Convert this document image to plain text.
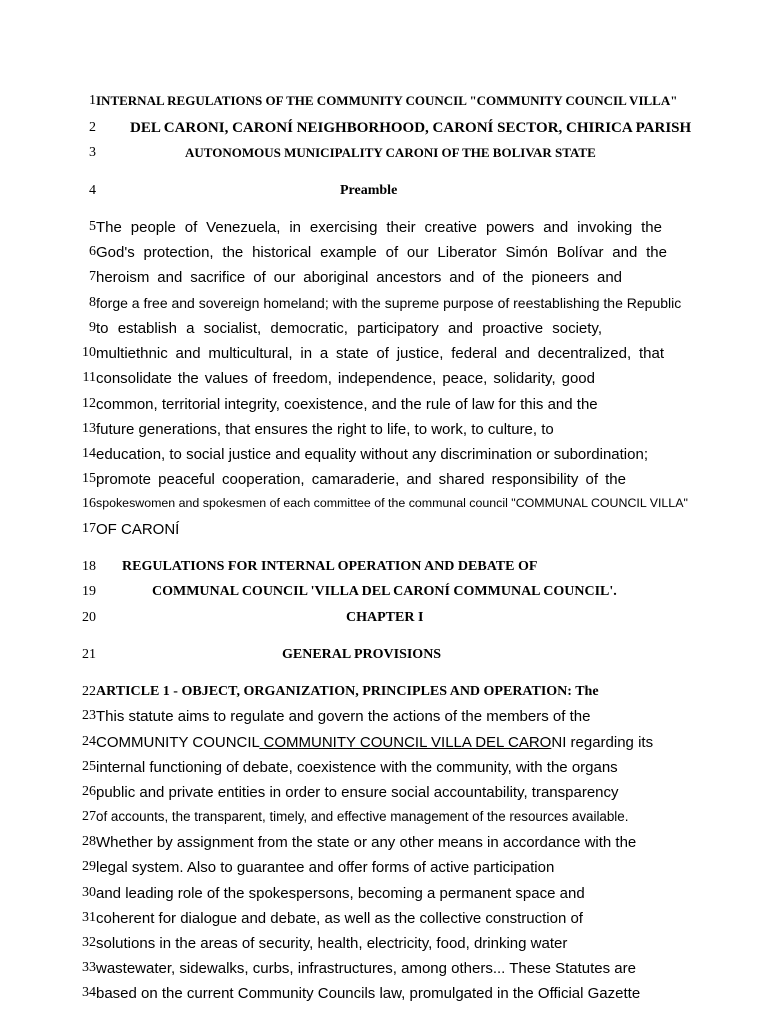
1 INTERNAL REGULATIONS OF THE COMMUNITY COUNCIL "COMMUNITY COUNCIL VILLA"
2 DEL CARONI, CARONÍ NEIGHBORHOOD, CARONÍ SECTOR, CHIRICA PARISH
3	AUTONOMOUS MUNICIPALITY CARONI OF THE BOLIVAR STATE
4	Preamble
5 The people of Venezuela, in exercising their creative powers and invoking the
6 God's protection, the historical example of our Liberator Simón Bolívar and the
7 heroism and sacrifice of our aboriginal ancestors and of the pioneers and
8 forge a free and sovereign homeland; with the supreme purpose of reestablishing the Republic
9 to establish a socialist, democratic, participatory and proactive society,
10 multiethnic and multicultural, in a state of justice, federal and decentralized, that
11 consolidate the values of freedom, independence, peace, solidarity, good
12 common, territorial integrity, coexistence, and the rule of law for this and the
13 future generations, that ensures the right to life, to work, to culture, to
14 education, to social justice and equality without any discrimination or subordination;
15 promote peaceful cooperation, camaraderie, and shared responsibility of the
16 spokeswomen and spokesmen of each committee of the communal council "COMMUNAL COUNCIL VILLA"
17 OF CARONÍ
18 REGULATIONS FOR INTERNAL OPERATION AND DEBATE OF
19	COMMUNAL COUNCIL 'VILLA DEL CARONÍ COMMUNAL COUNCIL'.
20	CHAPTER I
21	GENERAL PROVISIONS
22 ARTICLE 1 - OBJECT, ORGANIZATION, PRINCIPLES AND OPERATION: The
23 This statute aims to regulate and govern the actions of the members of the
24 COMMUNITY COUNCIL COMMUNITY COUNCIL VILLA DEL CARONI regarding its
25 internal functioning of debate, coexistence with the community, with the organs
26 public and private entities in order to ensure social accountability, transparency
27 of accounts, the transparent, timely, and effective management of the resources available.
28 Whether by assignment from the state or any other means in accordance with the
29 legal system. Also to guarantee and offer forms of active participation
30 and leading role of the spokespersons, becoming a permanent space and
31 coherent for dialogue and debate, as well as the collective construction of
32 solutions in the areas of security, health, electricity, food, drinking water
33 wastewater, sidewalks, curbs, infrastructures, among others... These Statutes are
34 based on the current Community Councils law, promulgated in the Official Gazette
